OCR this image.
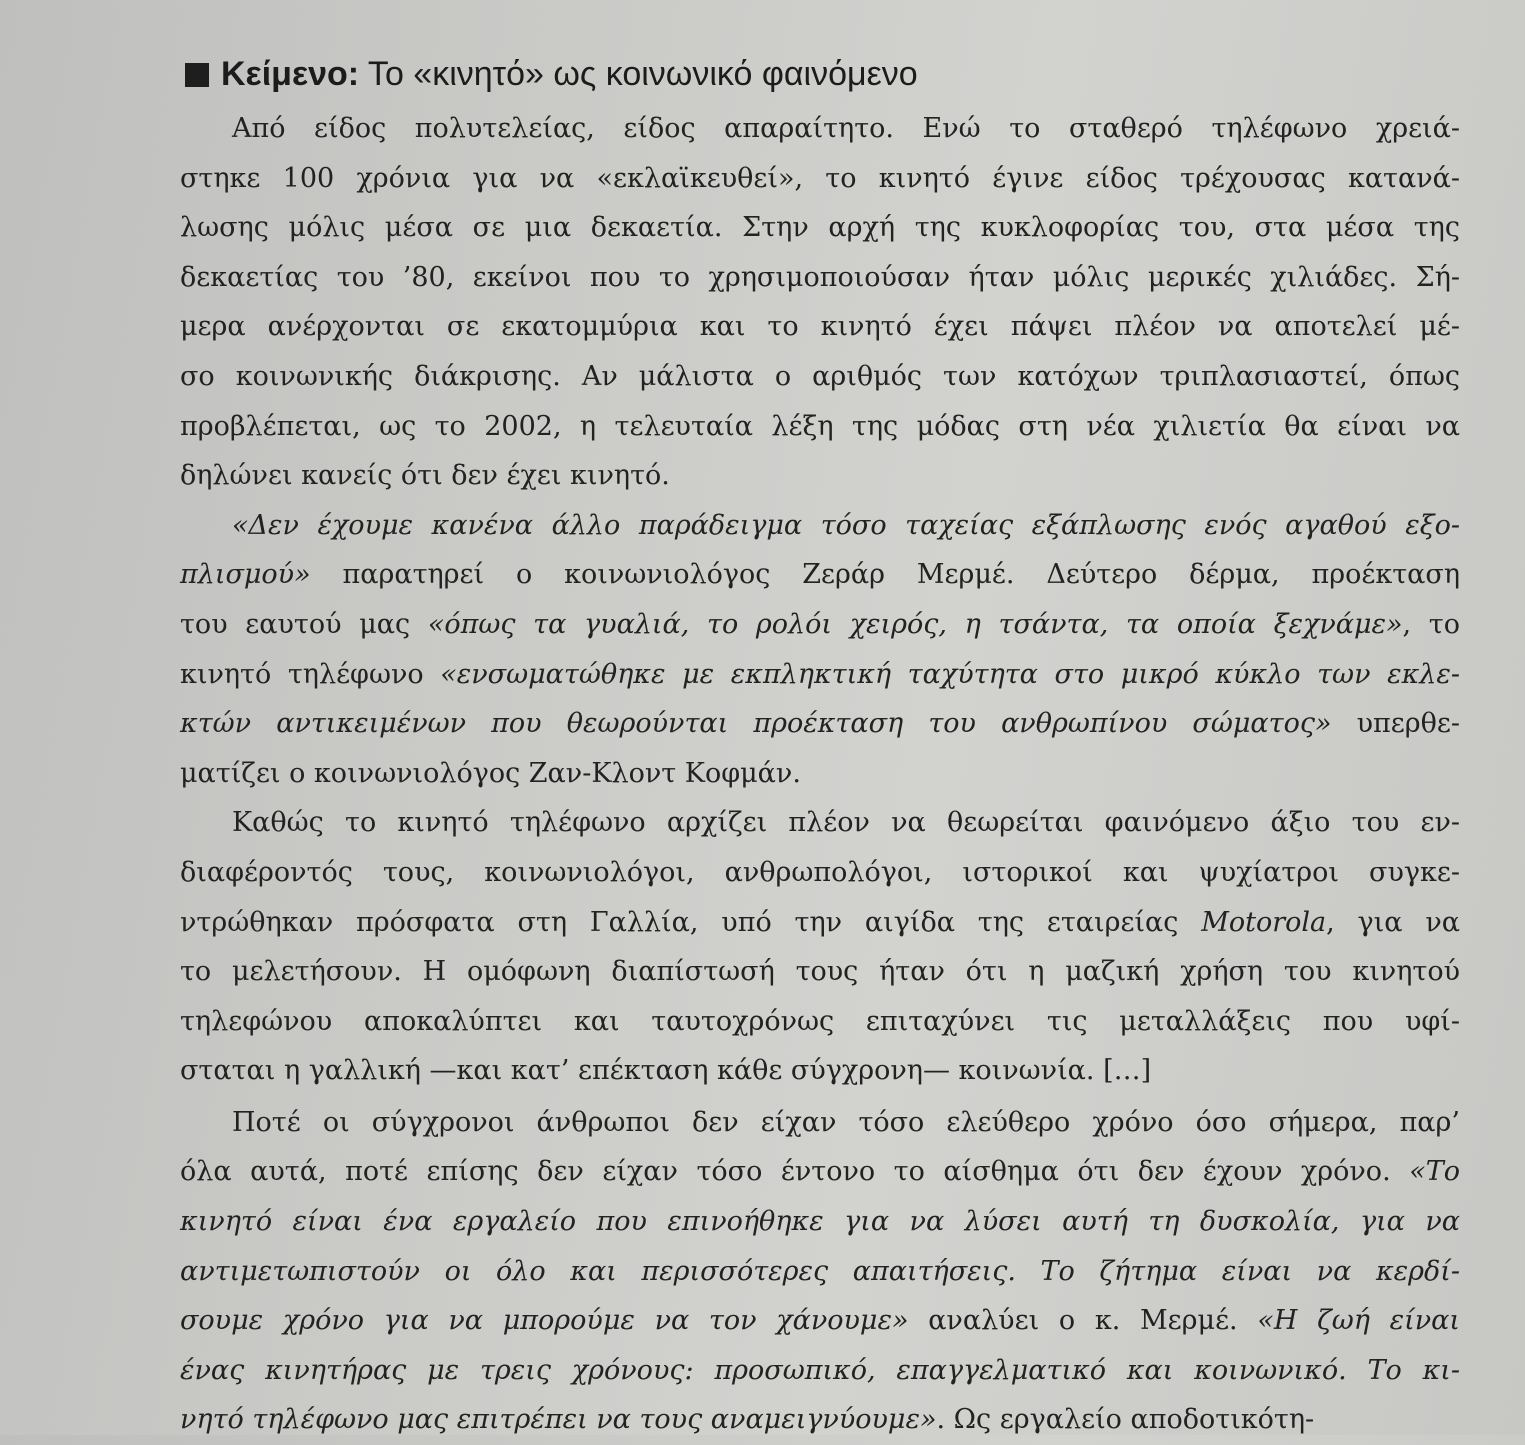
Κείμενο: Το «κινητό» ως κοινωνικό φαινόμενο
Από είδος πολυτελείας, είδος απαραίτητο. Ενώ το σταθερό τηλέφωνο χρειά-
στηκε 100 χρόνια για να «εκλαϊκευθεί», το κινητό έγινε είδος τρέχουσας κατανά-
λωσης μόλις μέσα σε μια δεκαετία. Στην αρχή της κυκλοφορίας του, στα μέσα της
δεκαετίας του ’80, εκείνοι που το χρησιμοποιούσαν ήταν μόλις μερικές χιλιάδες. Σή-
μερα ανέρχονται σε εκατομμύρια και το κινητό έχει πάψει πλέον να αποτελεί μέ-
σο κοινωνικής διάκρισης. Αν μάλιστα ο αριθμός των κατόχων τριπλασιαστεί, όπως
προβλέπεται, ως το 2002, η τελευταία λέξη της μόδας στη νέα χιλιετία θα είναι να
δηλώνει κανείς ότι δεν έχει κινητό.
«Δεν έχουμε κανένα άλλο παράδειγμα τόσο ταχείας εξάπλωσης ενός αγαθού εξο-
πλισμού» παρατηρεί ο κοινωνιολόγος Ζεράρ Μερμέ. Δεύτερο δέρμα, προέκταση
του εαυτού μας «όπως τα γυαλιά, το ρολόι χειρός, η τσάντα, τα οποία ξεχνάμε», το
κινητό τηλέφωνο «ενσωματώθηκε με εκπληκτική ταχύτητα στο μικρό κύκλο των εκλε-
κτών αντικειμένων που θεωρούνται προέκταση του ανθρωπίνου σώματος» υπερθε-
ματίζει ο κοινωνιολόγος Ζαν-Κλοντ Κοφμάν.
Καθώς το κινητό τηλέφωνο αρχίζει πλέον να θεωρείται φαινόμενο άξιο του εν-
διαφέροντός τους, κοινωνιολόγοι, ανθρωπολόγοι, ιστορικοί και ψυχίατροι συγκε-
ντρώθηκαν πρόσφατα στη Γαλλία, υπό την αιγίδα της εταιρείας Motorola, για να
το μελετήσουν. Η ομόφωνη διαπίστωσή τους ήταν ότι η μαζική χρήση του κινητού
τηλεφώνου αποκαλύπτει και ταυτοχρόνως επιταχύνει τις μεταλλάξεις που υφί-
σταται η γαλλική —και κατ’ επέκταση κάθε σύγχρονη— κοινωνία. […]
Ποτέ οι σύγχρονοι άνθρωποι δεν είχαν τόσο ελεύθερο χρόνο όσο σήμερα, παρ’
όλα αυτά, ποτέ επίσης δεν είχαν τόσο έντονο το αίσθημα ότι δεν έχουν χρόνο. «Το
κινητό είναι ένα εργαλείο που επινοήθηκε για να λύσει αυτή τη δυσκολία, για να
αντιμετωπιστούν οι όλο και περισσότερες απαιτήσεις. Το ζήτημα είναι να κερδί-
σουμε χρόνο για να μπορούμε να τον χάνουμε» αναλύει ο κ. Μερμέ. «Η ζωή είναι
ένας κινητήρας με τρεις χρόνους: προσωπικό, επαγγελματικό και κοινωνικό. Το κι-
νητό τηλέφωνο μας επιτρέπει να τους αναμειγνύουμε». Ως εργαλείο αποδοτικότη-
